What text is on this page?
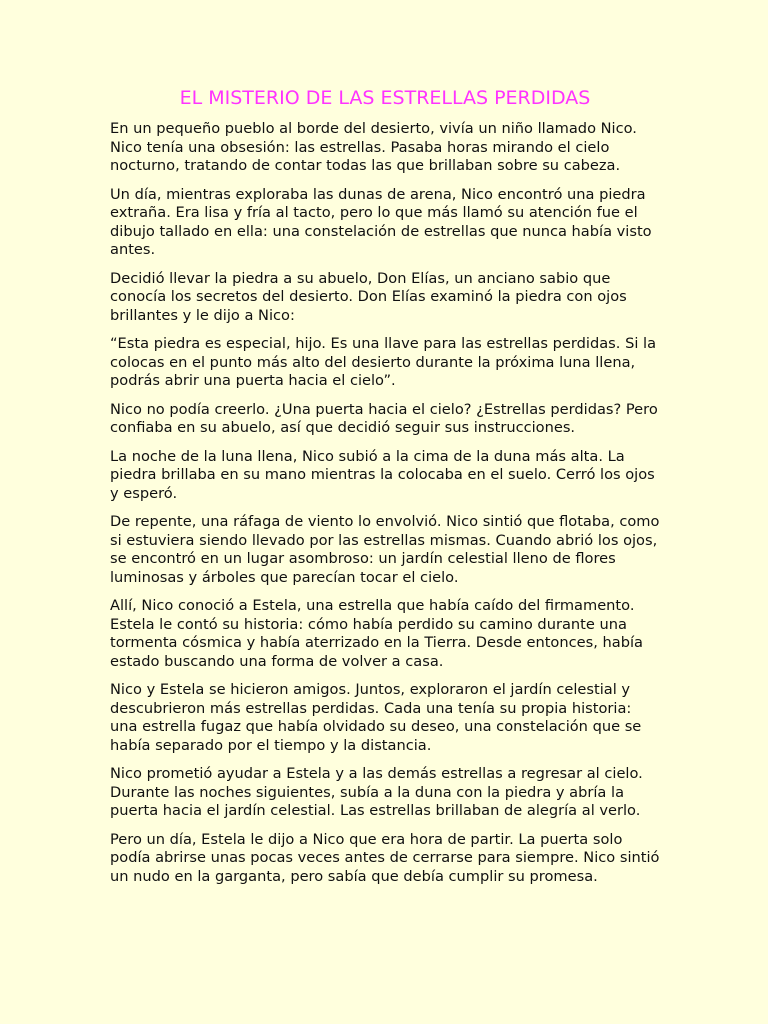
EL MISTERIO DE LAS ESTRELLAS PERDIDAS

En un pequeño pueblo al borde del desierto, vivía un niño llamado Nico. Nico tenía una obsesión: las estrellas. Pasaba horas mirando el cielo nocturno, tratando de contar todas las que brillaban sobre su cabeza.

Un día, mientras exploraba las dunas de arena, Nico encontró una piedra extraña. Era lisa y fría al tacto, pero lo que más llamó su atención fue el dibujo tallado en ella: una constelación de estrellas que nunca había visto antes.

Decidió llevar la piedra a su abuelo, Don Elías, un anciano sabio que conocía los secretos del desierto. Don Elías examinó la piedra con ojos brillantes y le dijo a Nico:

“Esta piedra es especial, hijo. Es una llave para las estrellas perdidas. Si la colocas en el punto más alto del desierto durante la próxima luna llena, podrás abrir una puerta hacia el cielo”.

Nico no podía creerlo. ¿Una puerta hacia el cielo? ¿Estrellas perdidas? Pero confiaba en su abuelo, así que decidió seguir sus instrucciones.

La noche de la luna llena, Nico subió a la cima de la duna más alta. La piedra brillaba en su mano mientras la colocaba en el suelo. Cerró los ojos y esperó.

De repente, una ráfaga de viento lo envolvió. Nico sintió que flotaba, como si estuviera siendo llevado por las estrellas mismas. Cuando abrió los ojos, se encontró en un lugar asombroso: un jardín celestial lleno de flores luminosas y árboles que parecían tocar el cielo.

Allí, Nico conoció a Estela, una estrella que había caído del firmamento. Estela le contó su historia: cómo había perdido su camino durante una tormenta cósmica y había aterrizado en la Tierra. Desde entonces, había estado buscando una forma de volver a casa.

Nico y Estela se hicieron amigos. Juntos, exploraron el jardín celestial y descubrieron más estrellas perdidas. Cada una tenía su propia historia: una estrella fugaz que había olvidado su deseo, una constelación que se había separado por el tiempo y la distancia.

Nico prometió ayudar a Estela y a las demás estrellas a regresar al cielo. Durante las noches siguientes, subía a la duna con la piedra y abría la puerta hacia el jardín celestial. Las estrellas brillaban de alegría al verlo.

Pero un día, Estela le dijo a Nico que era hora de partir. La puerta solo podía abrirse unas pocas veces antes de cerrarse para siempre. Nico sintió un nudo en la garganta, pero sabía que debía cumplir su promesa.
